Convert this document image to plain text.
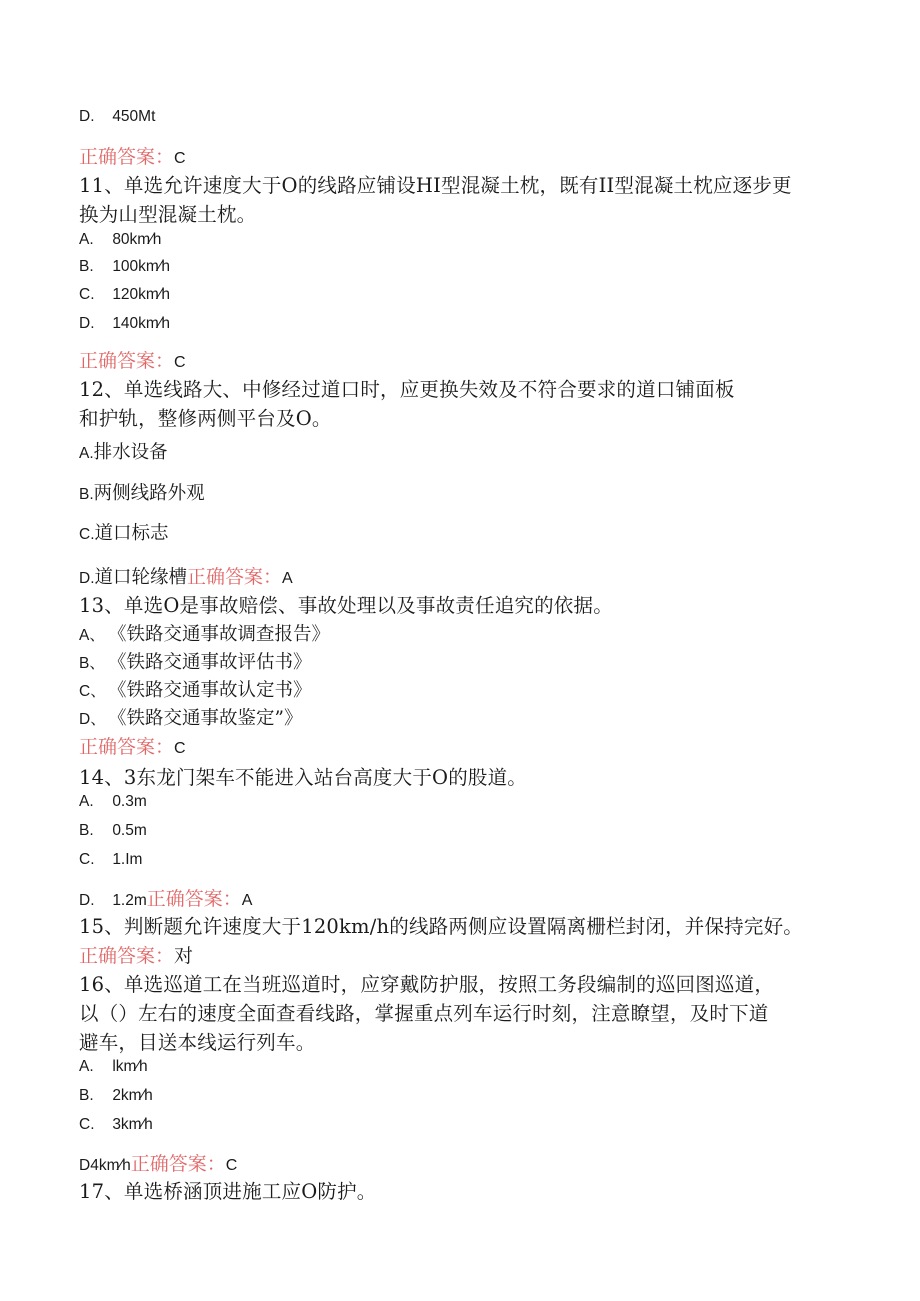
D. 450Mt
正确答案：C
11、单选允许速度大于O的线路应铺设HI型混凝土枕，既有II型混凝土枕应逐步更
换为山型混凝土枕。
A. 80km∕h
B. 100km∕h
C. 120km∕h
D. 140km∕h
正确答案：C
12、单选线路大、中修经过道口时，应更换失效及不符合要求的道口铺面板
和护轨，整修两侧平台及O。
A.排水设备
B.两侧线路外观
C.道口标志
D.道口轮缘槽正确答案：A
13、单选O是事故赔偿、事故处理以及事故责任追究的依据。
A、 《铁路交通事故调查报告》
B、 《铁路交通事故评估书》
C、 《铁路交通事故认定书》
D、 《铁路交通事故鉴定”》
正确答案：C
14、3东龙门架车不能进入站台高度大于O的股道。
A. 0.3m
B. 0.5m
C. 1.Im
D. 1.2m正确答案：A
15、判断题允许速度大于120km∕h的线路两侧应设置隔离栅栏封闭，并保持完好。
正确答案：对
16、单选巡道工在当班巡道时，应穿戴防护服，按照工务段编制的巡回图巡道，
以（）左右的速度全面查看线路，掌握重点列车运行时刻，注意瞭望，及时下道
避车，目送本线运行列车。
A. lkm∕h
B. 2km∕h
C. 3km∕h
D4km∕h正确答案：C
17、单选桥涵顶进施工应O防护。
